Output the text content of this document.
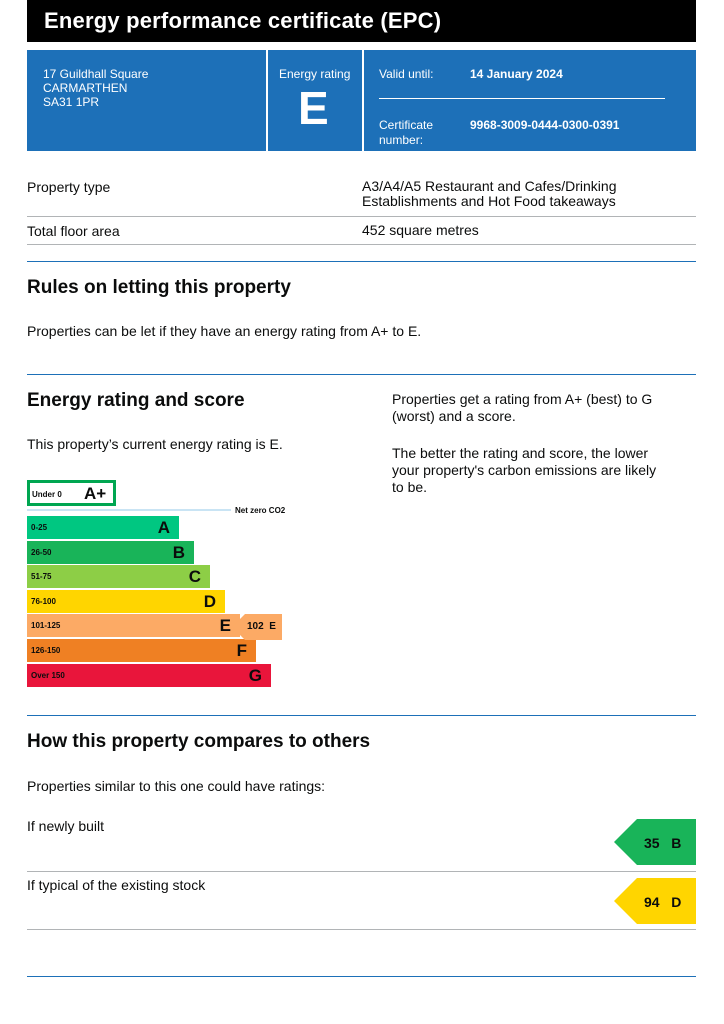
Energy performance certificate (EPC)
17 Guildhall Square
CARMARTHEN
SA31 1PR
Energy rating
E
Valid until:	14 January 2024
Certificate
number:
9968-3009-0444-0300-0391
Property type	A3/A4/A5 Restaurant and Cafes/Drinking
Establishments and Hot Food takeaways
Total floor area	452 square metres
Rules on letting this property
Properties can be let if they have an energy rating from A+ to E.
Energy rating and score
This property’s current energy rating is E.
Properties get a rating from A+ (best) to G
(worst) and a score.
The better the rating and score, the lower
your property's carbon emissions are likely
to be.
Under 0 A+
Net zero CO2
0-25	A
26-50	B
51-75	C
76-100	D
101-125	E
126-150	F
Over 150	G
102 E
How this property compares to others
Properties similar to this one could have ratings:
If newly built
35 B
If typical of the existing stock
94 D
